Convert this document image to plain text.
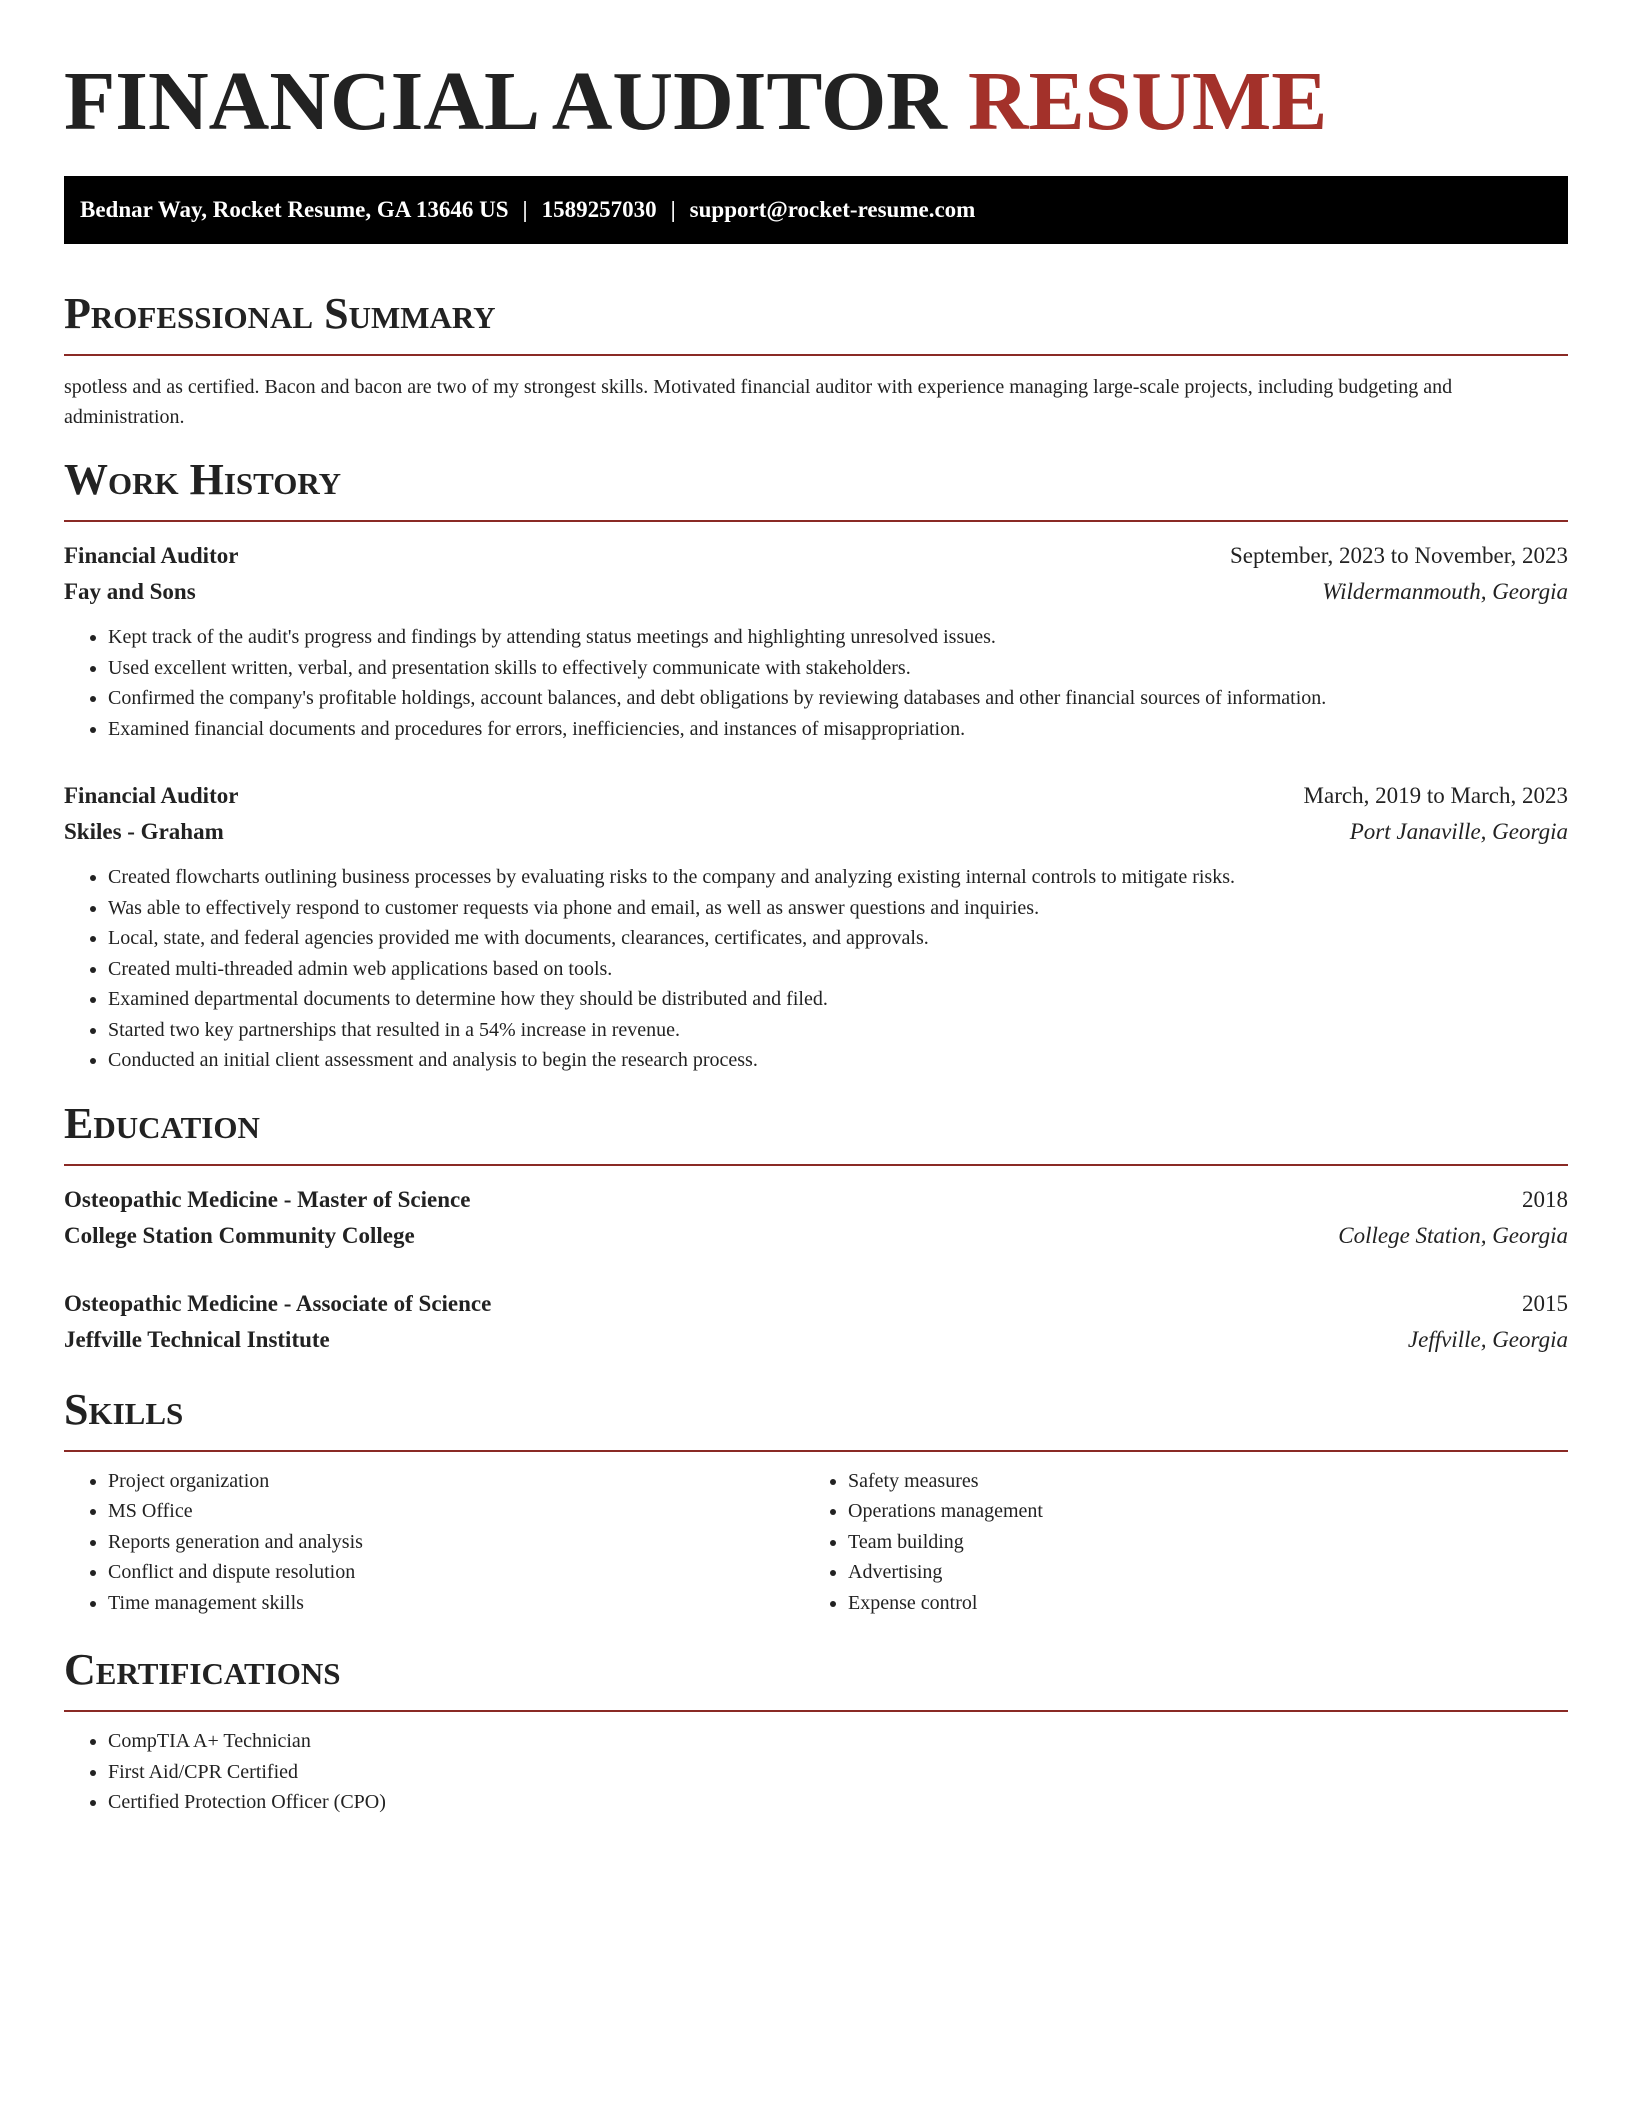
FINANCIAL AUDITOR RESUME
Bednar Way, Rocket Resume, GA 13646 US | 1589257030 | support@rocket-resume.com
Professional Summary

spotless and as certified. Bacon and bacon are two of my strongest skills. Motivated financial auditor with experience managing large-scale projects, including budgeting and administration.

Work History
Financial Auditor	September, 2023 to November, 2023
Fay and Sons	Wildermanmouth, Georgia
• Kept track of the audit's progress and findings by attending status meetings and highlighting unresolved issues.
• Used excellent written, verbal, and presentation skills to effectively communicate with stakeholders.
• Confirmed the company's profitable holdings, account balances, and debt obligations by reviewing databases and other financial sources of information.
• Examined financial documents and procedures for errors, inefficiencies, and instances of misappropriation.
Financial Auditor	March, 2019 to March, 2023
Skiles - Graham	Port Janaville, Georgia
• Created flowcharts outlining business processes by evaluating risks to the company and analyzing existing internal controls to mitigate risks.
• Was able to effectively respond to customer requests via phone and email, as well as answer questions and inquiries.
• Local, state, and federal agencies provided me with documents, clearances, certificates, and approvals.
• Created multi-threaded admin web applications based on tools.
• Examined departmental documents to determine how they should be distributed and filed.
• Started two key partnerships that resulted in a 54% increase in revenue.
• Conducted an initial client assessment and analysis to begin the research process.
Education
Osteopathic Medicine - Master of Science	2018
College Station Community College	College Station, Georgia
Osteopathic Medicine - Associate of Science	2015
Jeffville Technical Institute	Jeffville, Georgia
Skills
• Project organization
• MS Office
• Reports generation and analysis
• Conflict and dispute resolution
• Time management skills
• Safety measures
• Operations management
• Team building
• Advertising
• Expense control
Certifications
• CompTIA A+ Technician
• First Aid/CPR Certified
• Certified Protection Officer (CPO)
